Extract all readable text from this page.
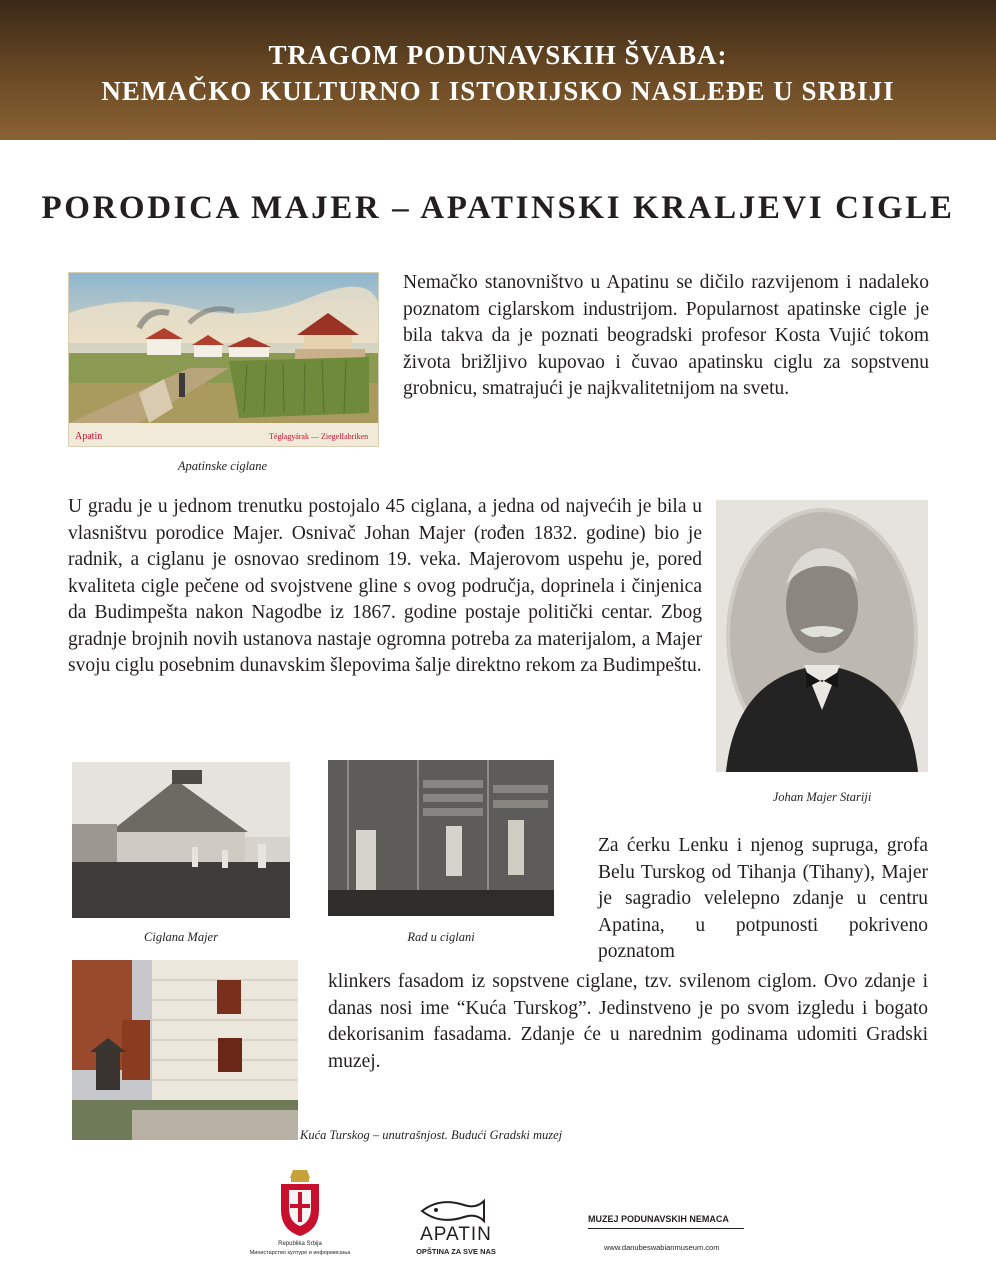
TRAGOM PODUNAVSKIH ŠVABA:
NEMAČKO KULTURNO I ISTORIJSKO NASLEĐE U SRBIJI
PORODICA MAJER – APATINSKI KRALJEVI CIGLE
Apatin	Téglagyárak — Ziegelfabriken
Apatinske ciglane

Nemačko stanovništvo u Apatinu se dičilo razvijenom i nadaleko poznatom ciglarskom industrijom. Popularnost apatinske cigle je bila takva da je poznati beogradski profesor Kosta Vujić tokom života brižljivo kupovao i čuvao apatinsku ciglu za sopstvenu grobnicu, smatrajući je najkvalitetnijom na svetu.

U gradu je u jednom trenutku postojalo 45 ciglana, a jedna od najvećih je bila u vlasništvu porodice Majer. Osnivač Johan Majer (rođen 1832. godine) bio je radnik, a ciglanu je osnovao sredinom 19. veka. Majerovom uspehu je, pored kvaliteta cigle pečene od svojstvene gline s ovog područja, doprinela i činjenica da Budimpešta nakon Nagodbe iz 1867. godine postaje politički centar. Zbog gradnje brojnih novih ustanova nastaje ogromna potreba za materijalom, a Majer svoju ciglu posebnim dunavskim šlepovima šalje direktno rekom za Budimpeštu.

Johan Majer Stariji
Ciglana Majer	Rad u ciglani

Za ćerku Lenku i njenog supruga, grofa Belu Turskog od Tihanja (Tihany), Majer je sagradio velelepno zdanje u centru Apatina, u potpunosti pokriveno poznatom

klinkers fasadom iz sopstvene ciglane, tzv. svilenom ciglom. Ovo zdanje i danas nosi ime “Kuća Turskog”. Jedinstveno je po svom izgledu i bogato dekorisanim fasadama. Zdanje će u narednim godinama udomiti Gradski muzej.

Kuća Turskog – unutrašnjost. Budući Gradski muzej
Republika Srbija
Министарство културе и информисања
APATIN
OPŠTINA ZA SVE NAS
MUZEJ PODUNAVSKIH NEMACA
www.danubeswabianmuseum.com
